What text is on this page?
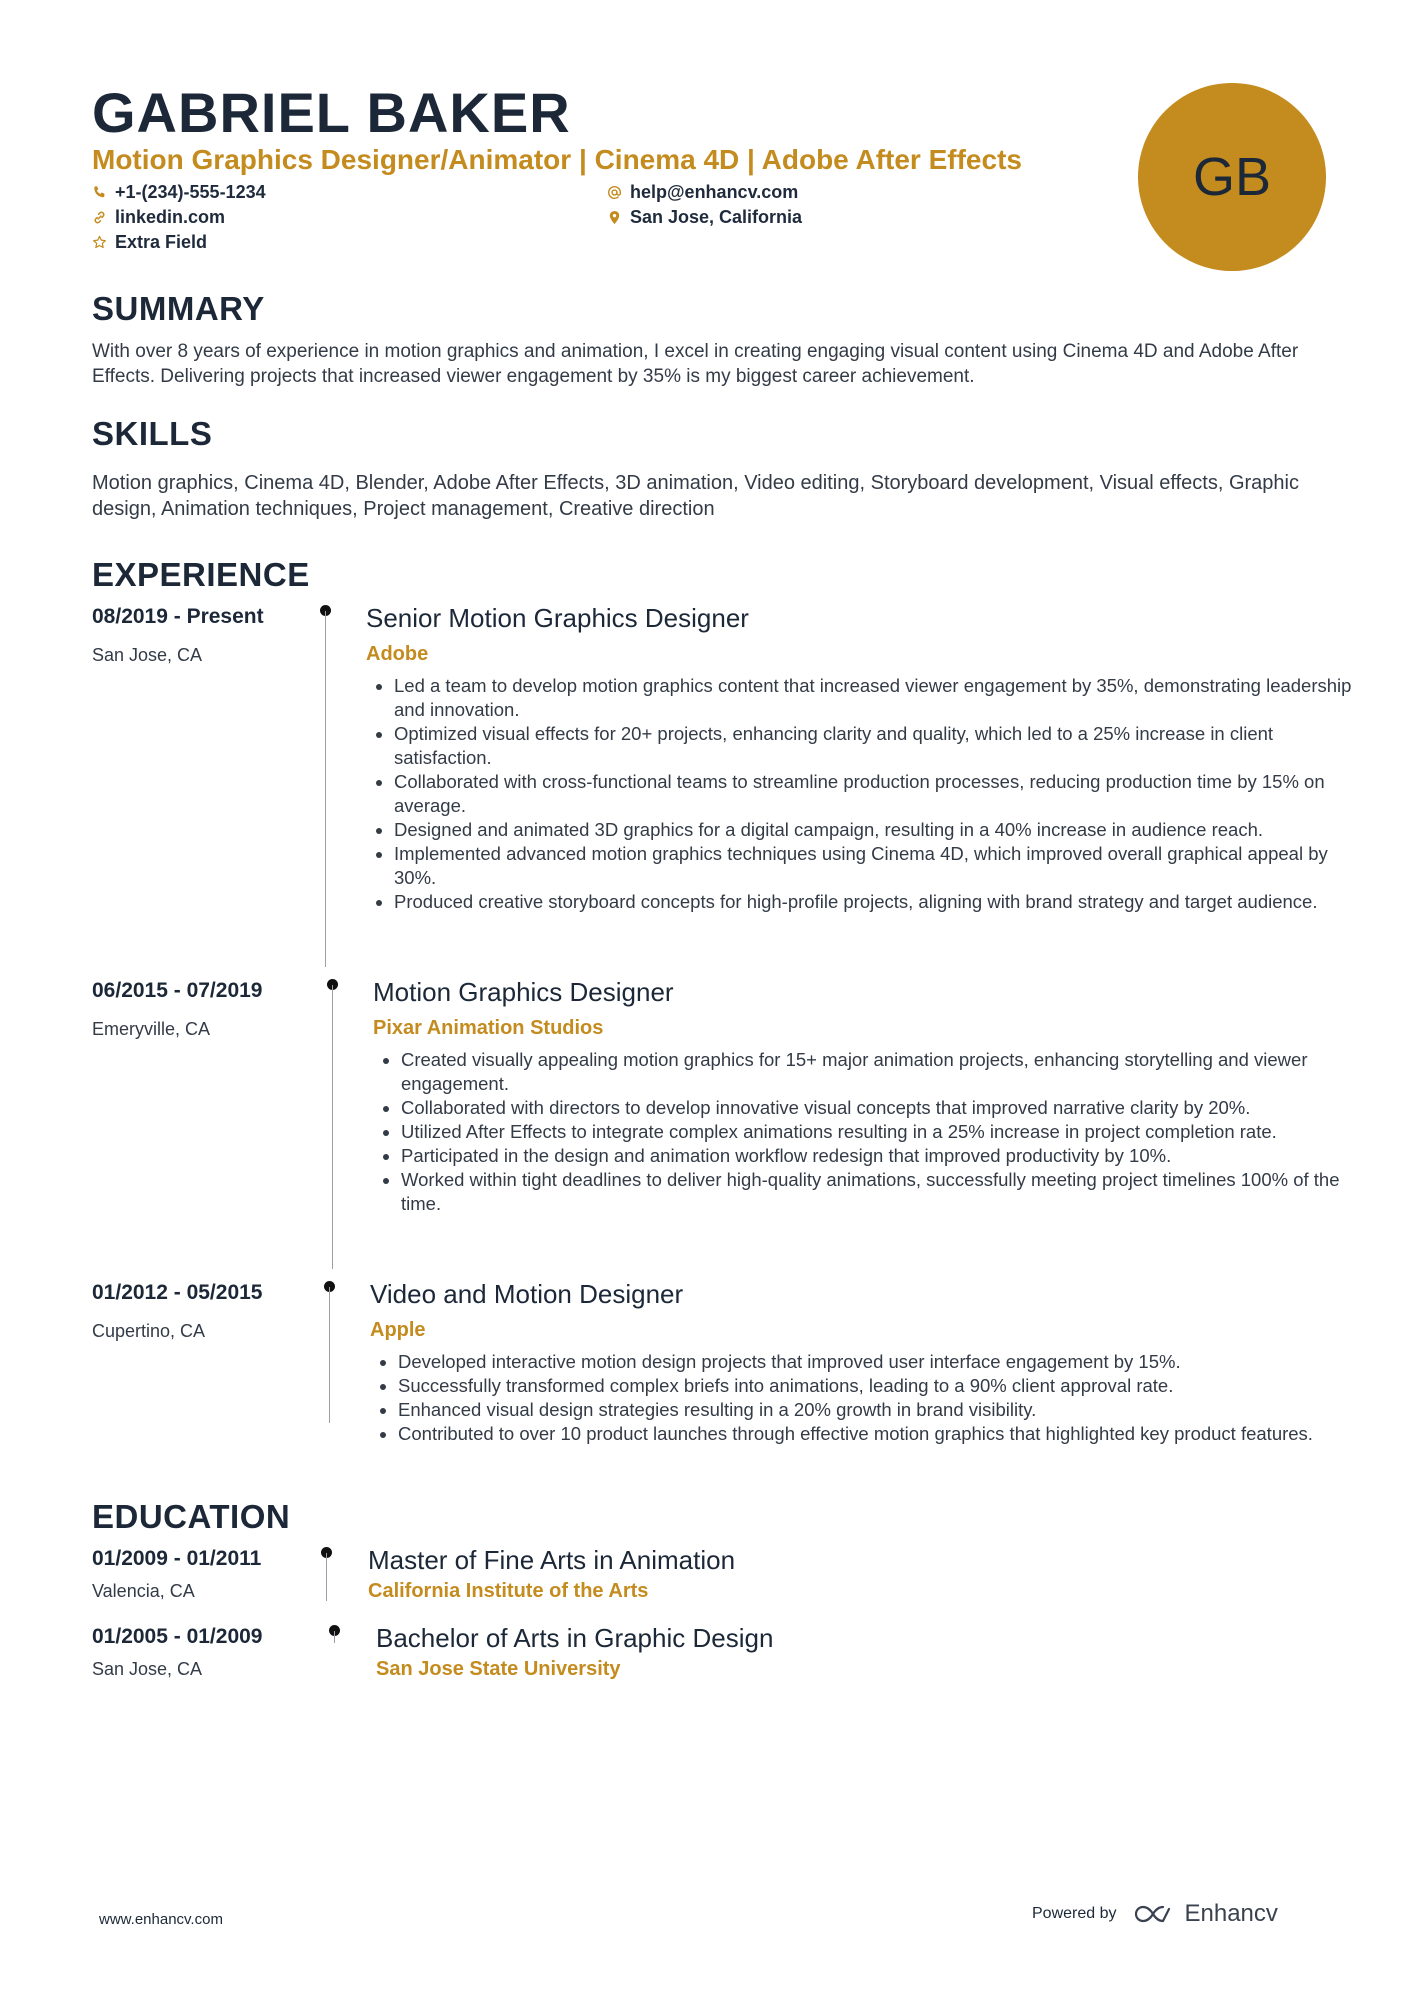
GABRIEL BAKER
Motion Graphics Designer/Animator | Cinema 4D | Adobe After Effects
+1-(234)-555-1234
linkedin.com
Extra Field
help@enhancv.com
San Jose, California
GB
SUMMARY
With over 8 years of experience in motion graphics and animation, I excel in creating engaging visual content using Cinema 4D and Adobe After Effects. Delivering projects that increased viewer engagement by 35% is my biggest career achievement.
SKILLS
Motion graphics, Cinema 4D, Blender, Adobe After Effects, 3D animation, Video editing, Storyboard development, Visual effects, Graphic design, Animation techniques, Project management, Creative direction
EXPERIENCE
08/2019 - Present
San Jose, CA
Senior Motion Graphics Designer
Adobe
• Led a team to develop motion graphics content that increased viewer engagement by 35%, demonstrating leadership and innovation.
• Optimized visual effects for 20+ projects, enhancing clarity and quality, which led to a 25% increase in client satisfaction.
• Collaborated with cross-functional teams to streamline production processes, reducing production time by 15% on average.
• Designed and animated 3D graphics for a digital campaign, resulting in a 40% increase in audience reach.
• Implemented advanced motion graphics techniques using Cinema 4D, which improved overall graphical appeal by 30%.
• Produced creative storyboard concepts for high-profile projects, aligning with brand strategy and target audience.
06/2015 - 07/2019
Emeryville, CA
Motion Graphics Designer
Pixar Animation Studios
• Created visually appealing motion graphics for 15+ major animation projects, enhancing storytelling and viewer engagement.
• Collaborated with directors to develop innovative visual concepts that improved narrative clarity by 20%.
• Utilized After Effects to integrate complex animations resulting in a 25% increase in project completion rate.
• Participated in the design and animation workflow redesign that improved productivity by 10%.
• Worked within tight deadlines to deliver high-quality animations, successfully meeting project timelines 100% of the time.
01/2012 - 05/2015
Cupertino, CA
Video and Motion Designer
Apple
• Developed interactive motion design projects that improved user interface engagement by 15%.
• Successfully transformed complex briefs into animations, leading to a 90% client approval rate.
• Enhanced visual design strategies resulting in a 20% growth in brand visibility.
• Contributed to over 10 product launches through effective motion graphics that highlighted key product features.
EDUCATION
01/2009 - 01/2011
Valencia, CA
Master of Fine Arts in Animation
California Institute of the Arts
01/2005 - 01/2009
San Jose, CA
Bachelor of Arts in Graphic Design
San Jose State University
www.enhancv.com	Powered by	Enhancv
